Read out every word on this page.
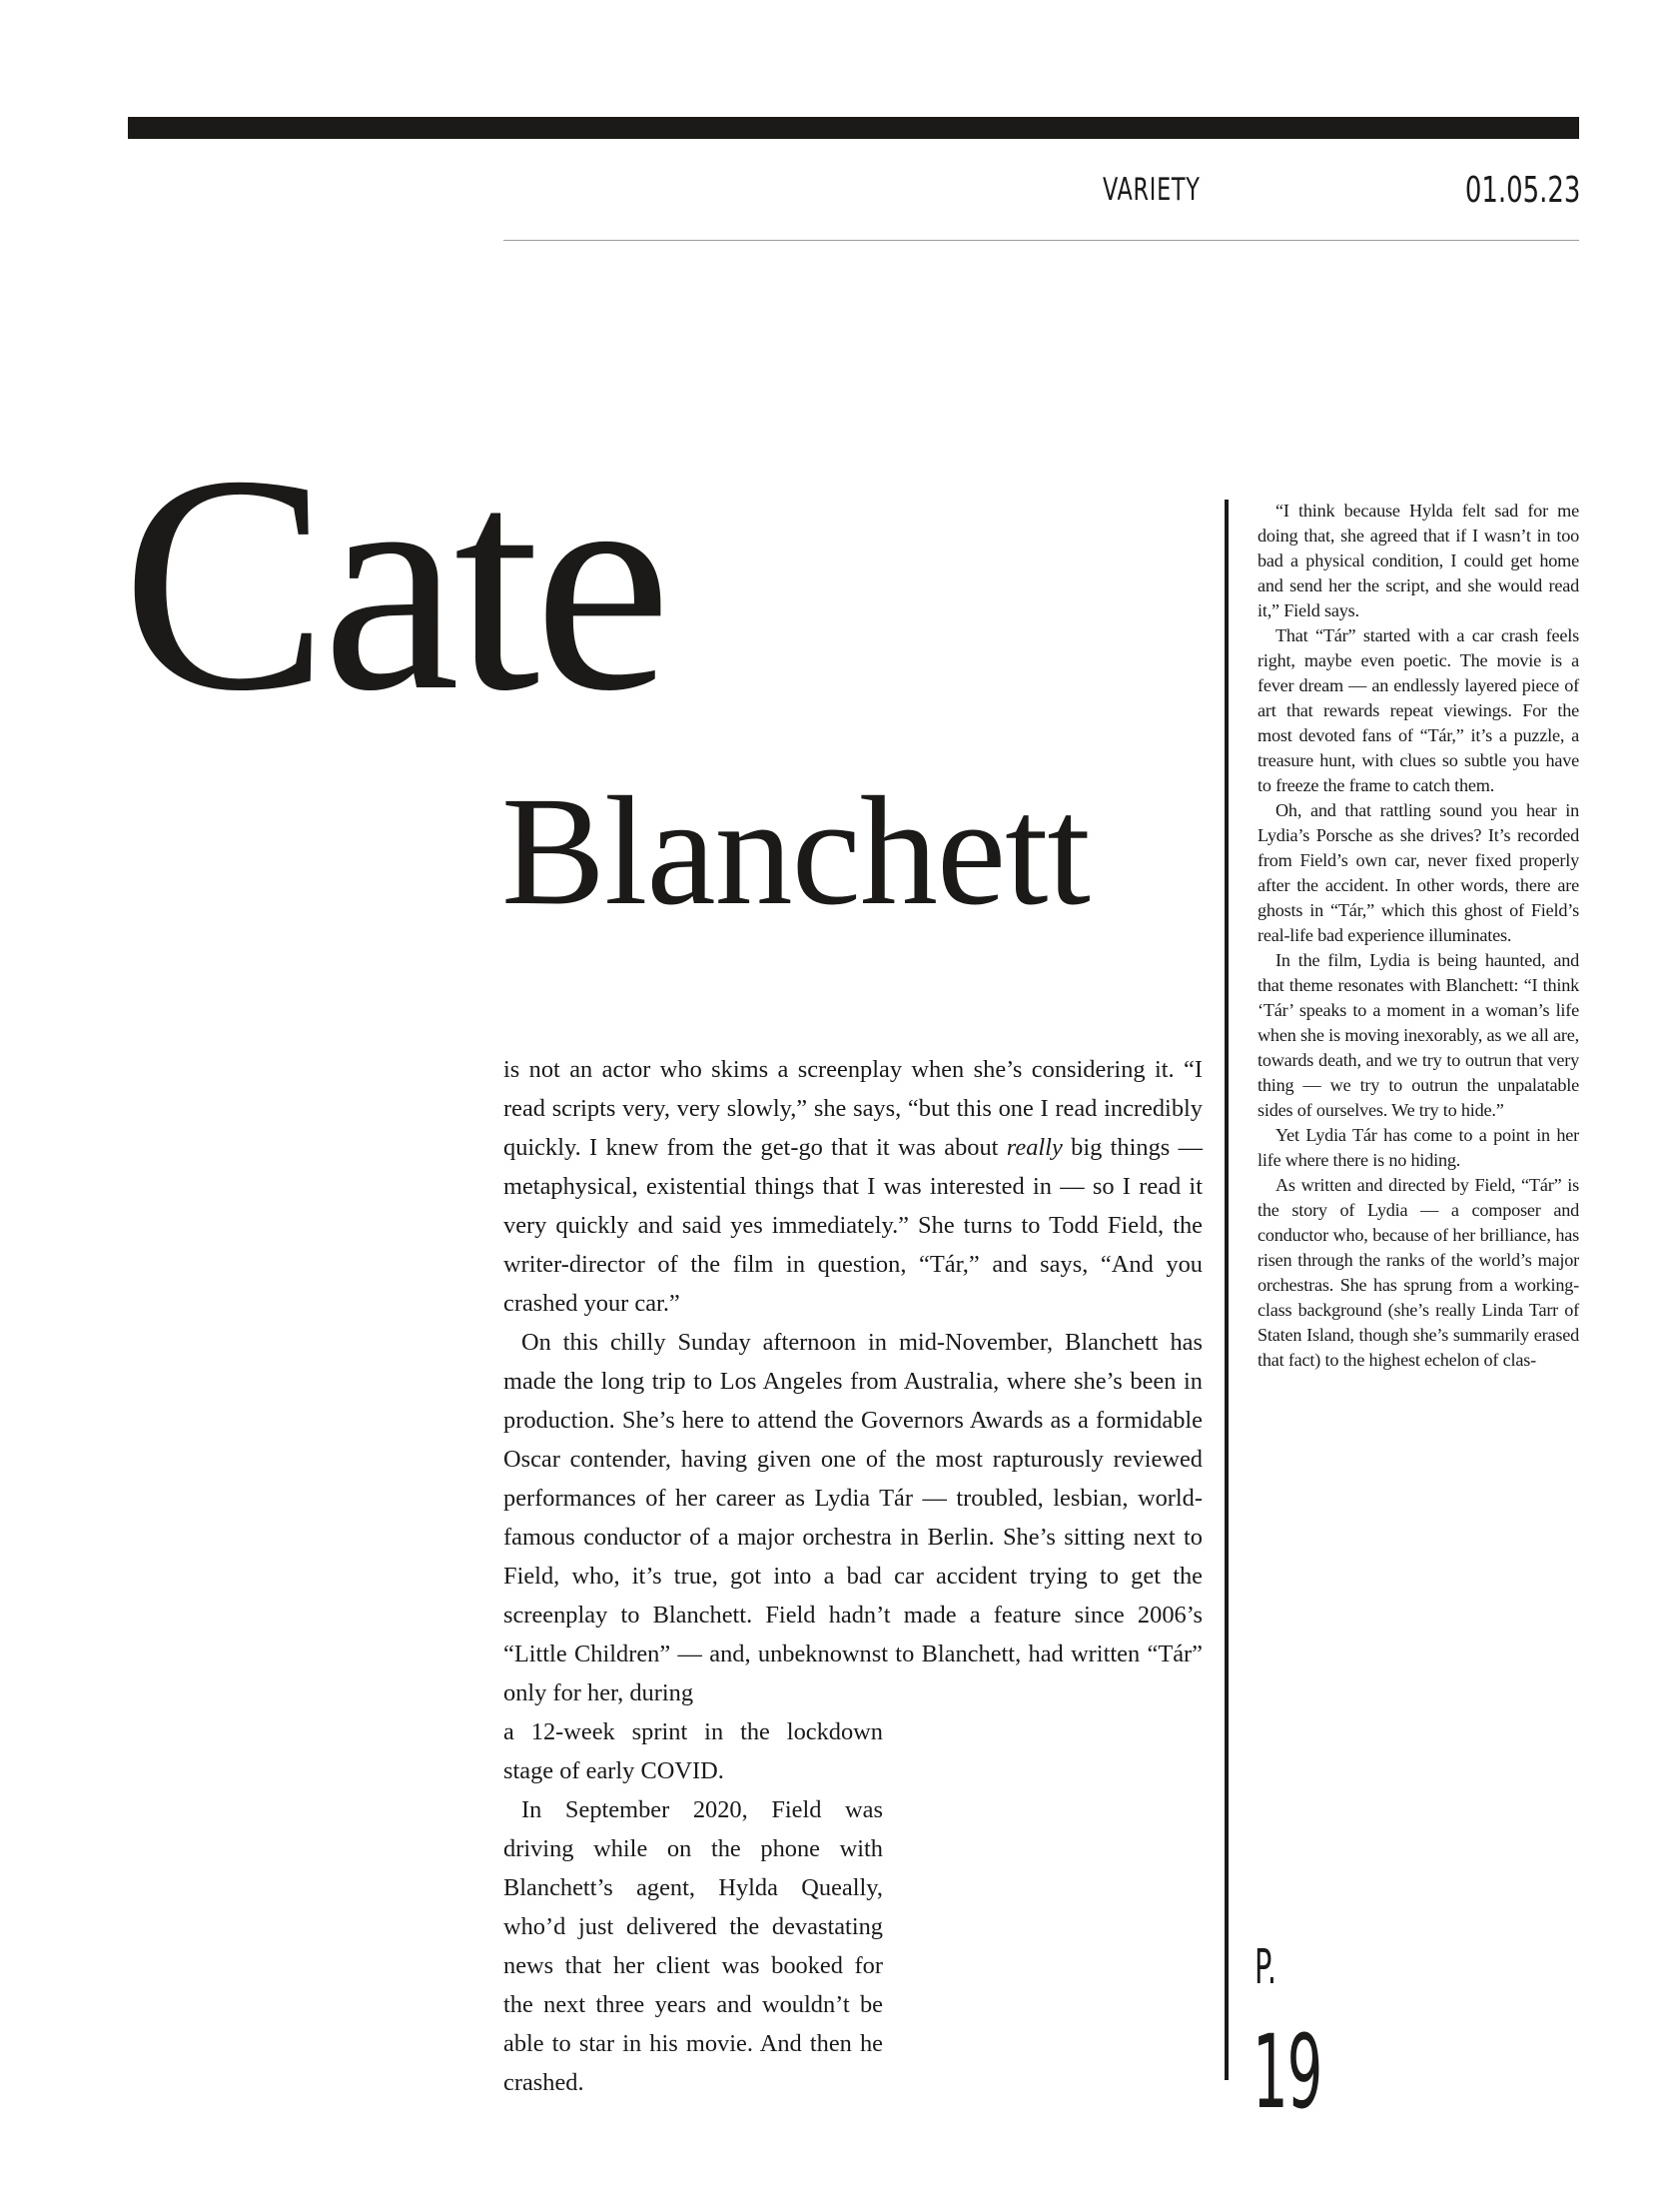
VARIETY	01.05.23
Cate
Blanchett

is not an actor who skims a screenplay when she’s considering it. “I read scripts very, very slowly,” she says, “but this one I read incredibly quickly. I knew from the get-go that it was about really big things — metaphysical, existential things that I was interested in — so I read it very quickly and said yes immediately.” She turns to Todd Field, the writer-director of the film in question, “Tár,” and says, “And you crashed your car.”

On this chilly Sunday afternoon in mid-November, Blanchett has made the long trip to Los Angeles from Australia, where she’s been in production. She’s here to attend the Governors Awards as a formidable Oscar contender, having given one of the most rapturously reviewed performances of her career as Lydia Tár — troubled, lesbian, world-famous conductor of a major orchestra in Berlin. She’s sitting next to Field, who, it’s true, got into a bad car accident trying to get the screenplay to Blanchett. Field hadn’t made a feature since 2006’s “Little Children” — and, unbeknownst to Blanchett, had written “Tár” only for her, during

a 12-week sprint in the lockdown stage of early COVID.

In September 2020, Field was driving while on the phone with Blanchett’s agent, Hylda Queally, who’d just delivered the devastating news that her client was booked for the next three years and wouldn’t be able to star in his movie. And then he crashed.

“I think because Hylda felt sad for me doing that, she agreed that if I wasn’t in too bad a physical condition, I could get home and send her the script, and she would read it,” Field says.

That “Tár” started with a car crash feels right, maybe even poetic. The movie is a fever dream — an endlessly layered piece of art that rewards repeat viewings. For the most devoted fans of “Tár,” it’s a puzzle, a treasure hunt, with clues so subtle you have to freeze the frame to catch them.

Oh, and that rattling sound you hear in Lydia’s Porsche as she drives? It’s recorded from Field’s own car, never fixed properly after the accident. In other words, there are ghosts in “Tár,” which this ghost of Field’s real-life bad experience illuminates.

In the film, Lydia is being haunted, and that theme resonates with Blanchett: “I think ‘Tár’ speaks to a moment in a woman’s life when she is moving inexorably, as we all are, towards death, and we try to outrun that very thing — we try to outrun the unpalatable sides of ourselves. We try to hide.”

Yet Lydia Tár has come to a point in her life where there is no hiding.

As written and directed by Field, “Tár” is the story of Lydia — a composer and conductor who, because of her brilliance, has risen through the ranks of the world’s major orchestras. She has sprung from a working-class background (she’s really Linda Tarr of Staten Island, though she’s summarily erased that fact) to the highest echelon of clas-

P.
19
